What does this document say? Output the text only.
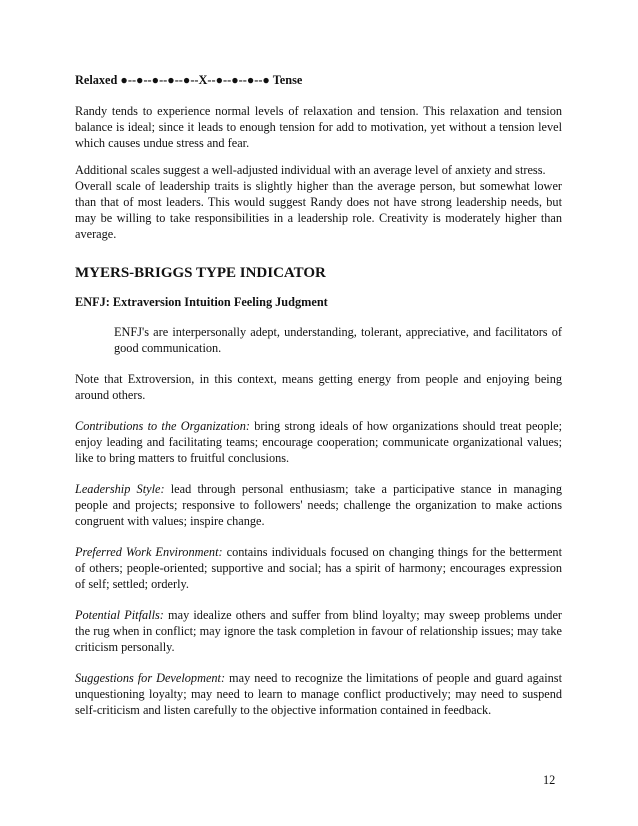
Relaxed ●--●--●--●--●--X--●--●--●--● Tense

Randy tends to experience normal levels of relaxation and tension. This relaxation and tension balance is ideal; since it leads to enough tension for add to motivation, yet without a tension level which causes undue stress and fear.

Additional scales suggest a well-adjusted individual with an average level of anxiety and stress.

Overall scale of leadership traits is slightly higher than the average person, but somewhat lower than that of most leaders. This would suggest Randy does not have strong leadership needs, but may be willing to take responsibilities in a leadership role. Creativity is moderately higher than average.

MYERS-BRIGGS TYPE INDICATOR
ENFJ: Extraversion Intuition Feeling Judgment

ENFJ's are interpersonally adept, understanding, tolerant, appreciative, and facilitators of good communication.

Note that Extroversion, in this context, means getting energy from people and enjoying being around others.

Contributions to the Organization: bring strong ideals of how organizations should treat people; enjoy leading and facilitating teams; encourage cooperation; communicate organizational values; like to bring matters to fruitful conclusions.

Leadership Style: lead through personal enthusiasm; take a participative stance in managing people and projects; responsive to followers' needs; challenge the organization to make actions congruent with values; inspire change.

Preferred Work Environment: contains individuals focused on changing things for the betterment of others; people-oriented; supportive and social; has a spirit of harmony; encourages expression of self; settled; orderly.

Potential Pitfalls: may idealize others and suffer from blind loyalty; may sweep problems under the rug when in conflict; may ignore the task completion in favour of relationship issues; may take criticism personally.

Suggestions for Development: may need to recognize the limitations of people and guard against unquestioning loyalty; may need to learn to manage conflict productively; may need to suspend self-criticism and listen carefully to the objective information contained in feedback.

12
